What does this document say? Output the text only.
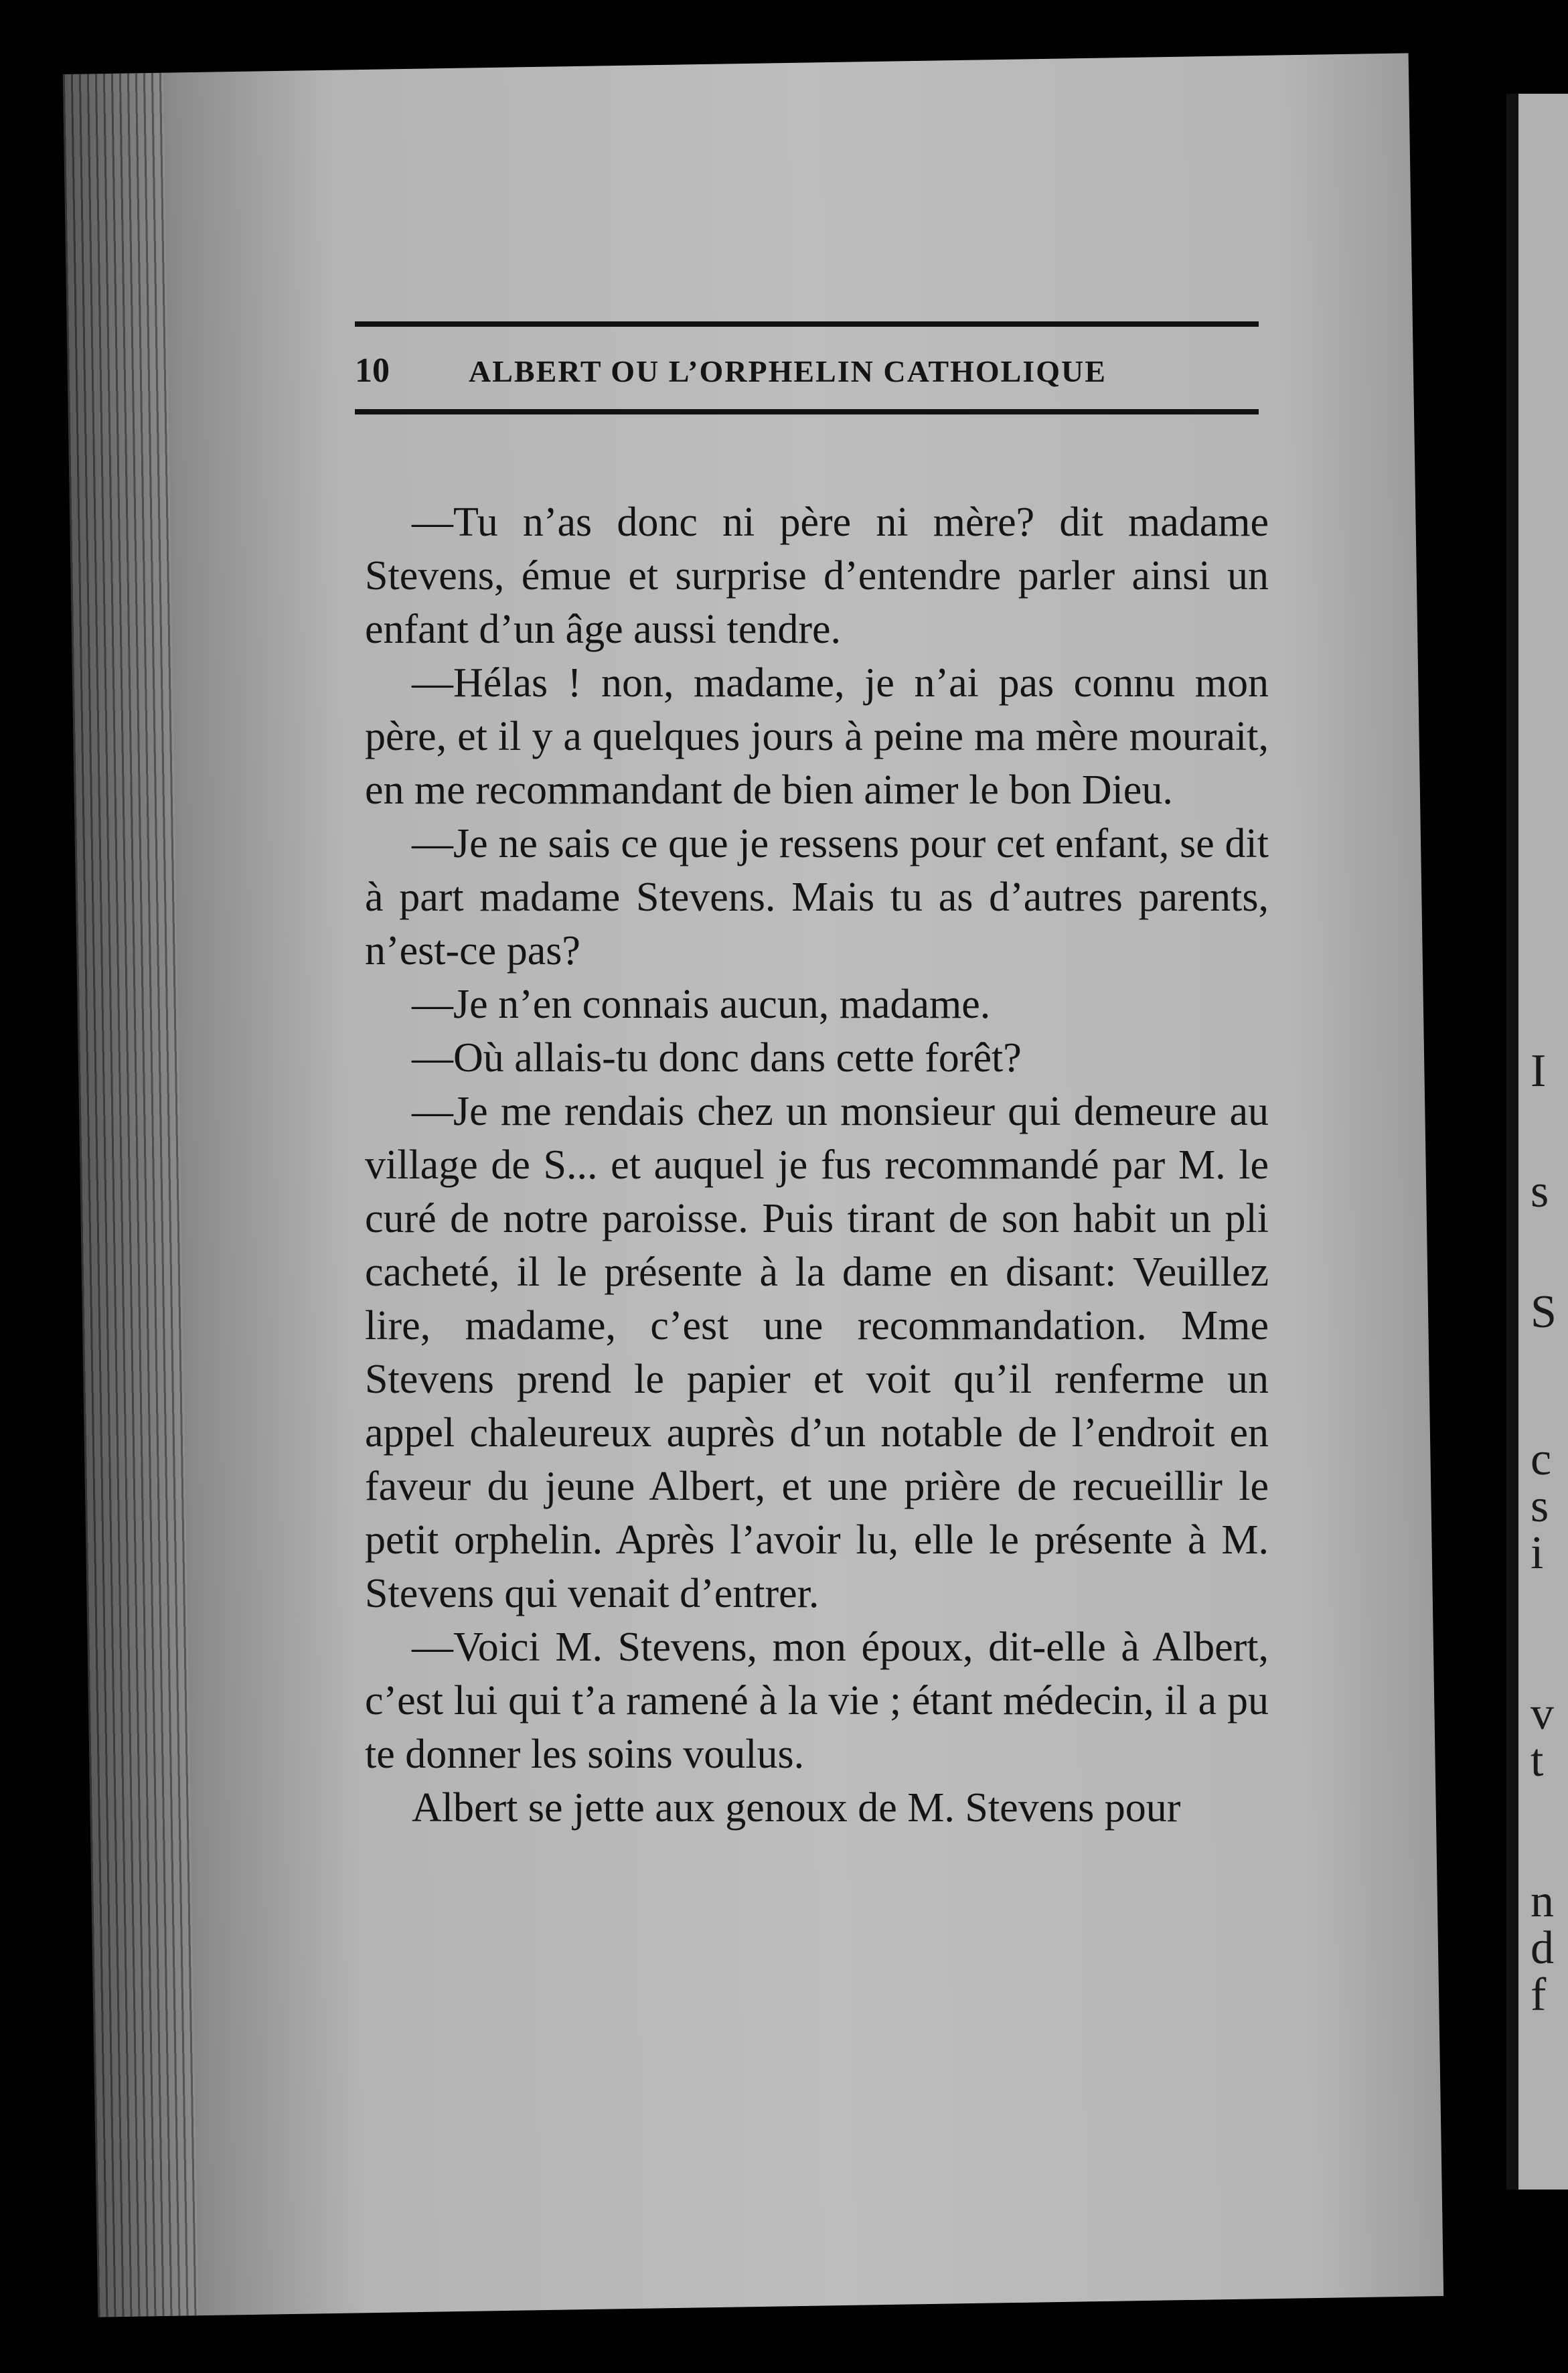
I
s
S
c
s
i
v
t
n
d
f
10	ALBERT OU L’ORPHELIN CATHOLIQUE

—Tu n’as donc ni père ni mère? dit madame Stevens, émue et surprise d’entendre parler ainsi un enfant d’un âge aussi tendre.

—Hélas ! non, madame, je n’ai pas connu mon père, et il y a quelques jours à peine ma mère mourait, en me recommandant de bien aimer le bon Dieu.

—Je ne sais ce que je ressens pour cet enfant, se dit à part madame Stevens. Mais tu as d’autres parents, n’est-ce pas?

—Je n’en connais aucun, madame.

—Où allais-tu donc dans cette forêt?

—Je me rendais chez un monsieur qui demeure au village de S... et auquel je fus recommandé par M. le curé de notre paroisse. Puis tirant de son habit un pli cacheté, il le présente à la dame en disant: Veuillez lire, madame, c’est une recommandation. Mme Stevens prend le papier et voit qu’il renferme un appel chaleureux auprès d’un notable de l’endroit en faveur du jeune Albert, et une prière de recueillir le petit orphelin. Après l’avoir lu, elle le présente à M. Stevens qui venait d’entrer.

—Voici M. Stevens, mon époux, dit-elle à Albert, c’est lui qui t’a ramené à la vie ; étant médecin, il a pu te donner les soins voulus.

Albert se jette aux genoux de M. Stevens pour
